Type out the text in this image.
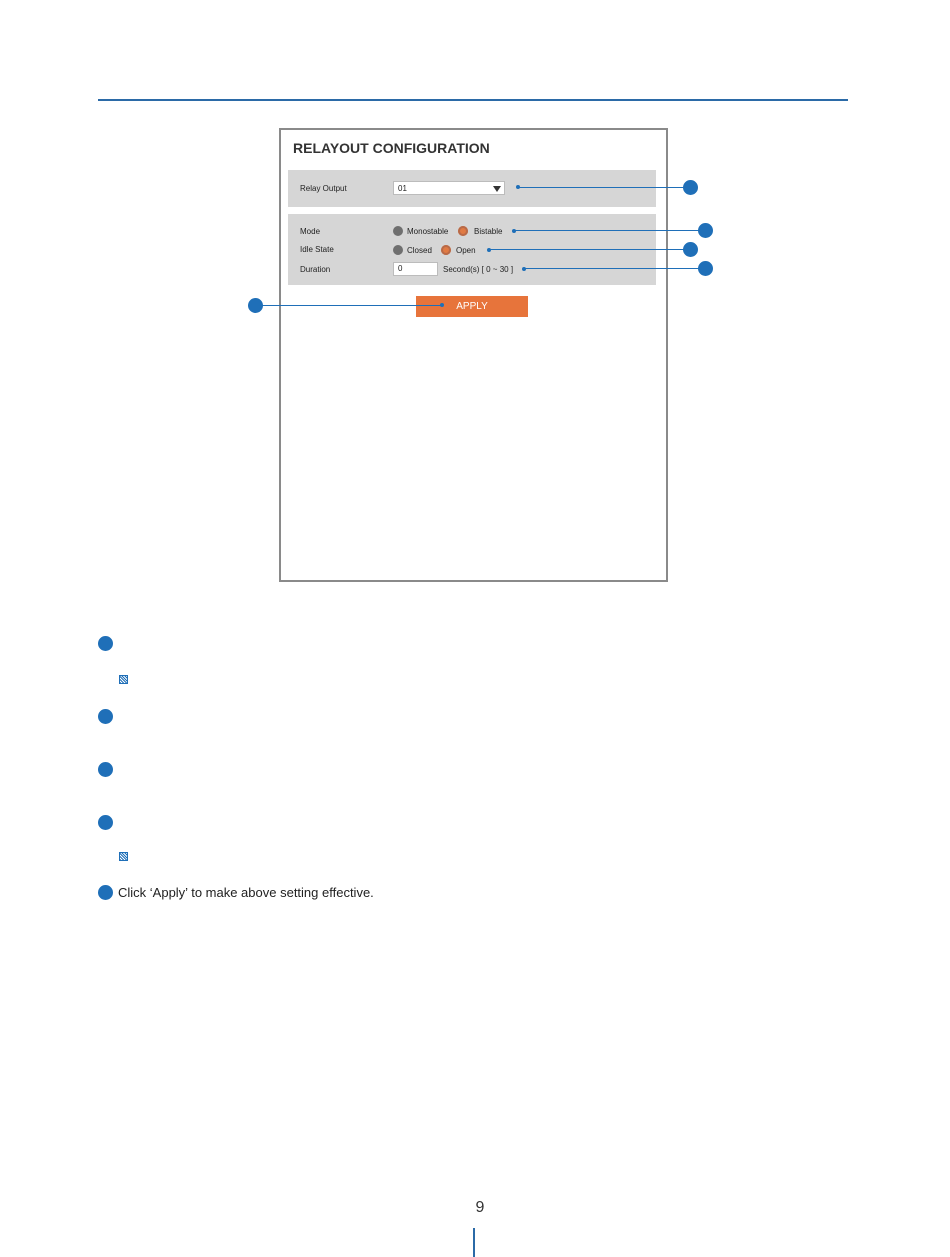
RELAYOUT CONFIGURATION
Relay Output	01
Mode	Monostable	Bistable
Idle State	Closed	Open
Duration	0	Second(s) [ 0 ~ 30 ]
APPLY
Click ‘Apply’ to make above setting effective.
9
